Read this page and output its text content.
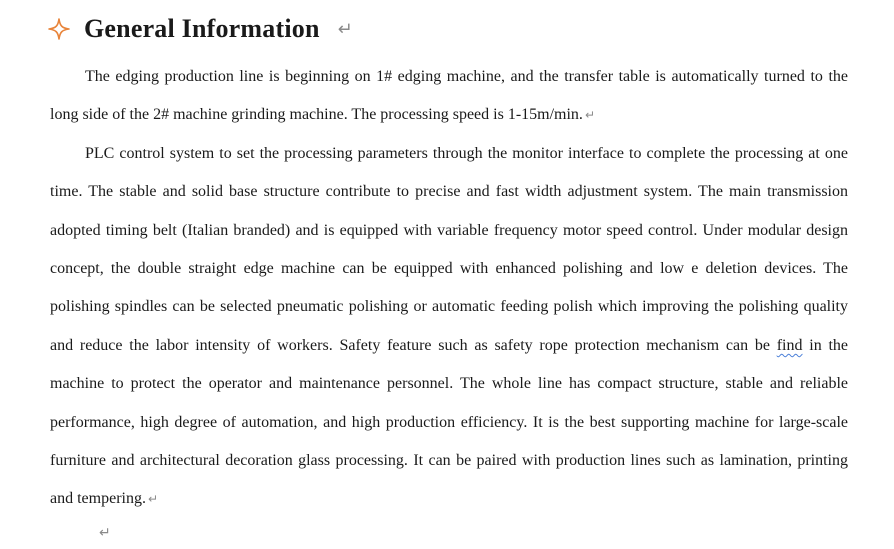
General Information ↵

The edging production line is beginning on 1# edging machine, and the transfer table is automatically turned to the long side of the 2# machine grinding machine. The processing speed is 1-15m/min. ↵

PLC control system to set the processing parameters through the monitor interface to complete the processing at one time. The stable and solid base structure contribute to precise and fast width adjustment system. The main transmission adopted timing belt (Italian branded) and is equipped with variable frequency motor speed control. Under modular design concept, the double straight edge machine can be equipped with enhanced polishing and low e deletion devices. The polishing spindles can be selected pneumatic polishing or automatic feeding polish which improving the polishing quality and reduce the labor intensity of workers. Safety feature such as safety rope protection mechanism can be find in the machine to protect the operator and maintenance personnel. The whole line has compact structure, stable and reliable performance, high degree of automation, and high production efficiency. It is the best supporting machine for large-scale furniture and architectural decoration glass processing. It can be paired with production lines such as lamination, printing and tempering. ↵

↵
